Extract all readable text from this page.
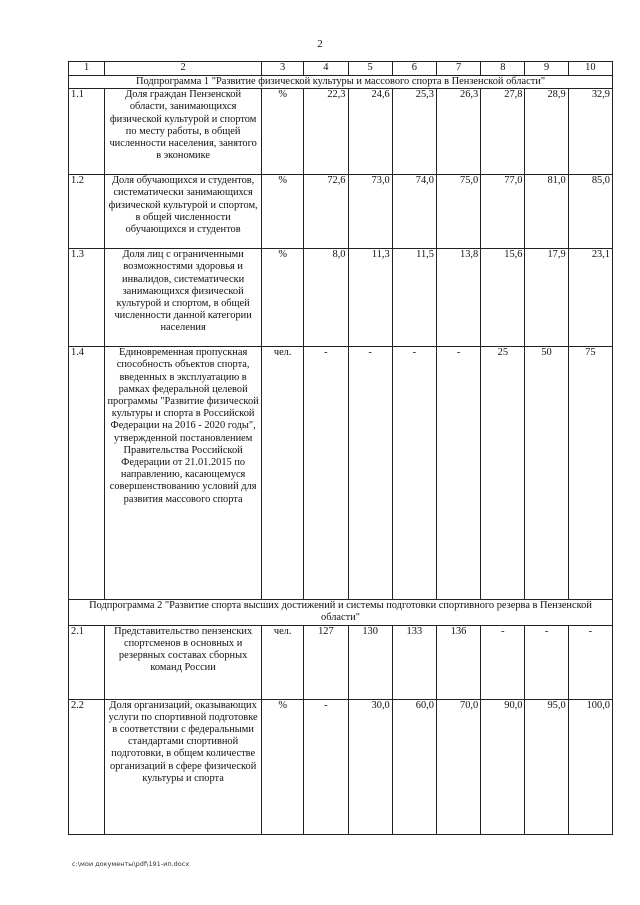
2
1	2	3	4	5	6	7	8	9	10
Подпрограмма 1 "Развитие физической культуры и массового спорта в Пензенской области"									
1.1	Доля граждан Пензенской области, занимающихся физической культурой и спортом по месту работы, в общей численности населения, занятого в экономике	%	22,3	24,6	25,3	26,3	27,8	28,9	32,9
1.2	Доля обучающихся и студентов, систематически занимающихся физической культурой и спортом, в общей численности обучающихся и студентов	%	72,6	73,0	74,0	75,0	77,0	81,0	85,0
1.3	Доля лиц с ограниченными возможностями здоровья и инвалидов, систематически занимающихся физической культурой и спортом, в общей численности данной категории населения	%	8,0	11,3	11,5	13,8	15,6	17,9	23,1
1.4	Единовременная пропускная способность объектов спорта, введенных в эксплуатацию в рамках федеральной целевой программы "Развитие физической культуры и спорта в Российской Федерации на 2016 - 2020 годы", утвержденной постановлением Правительства Российской Федерации от 21.01.2015 по направлению, касающемуся совершенствованию условий для развития массового спорта	чел.	-	-	-	-	25	50	75
Подпрограмма 2 "Развитие спорта высших достижений и системы подготовки спортивного резерва в Пензенской области"									
2.1	Представительство пензенских спортсменов в основных и резервных составах сборных команд России	чел.	127	130	133	136	-	-	-
2.2	Доля организаций, оказывающих услуги по спортивной подготовке в соответствии с федеральными стандартами спортивной подготовки, в общем количестве организаций в сфере физической культуры и спорта	%	-	30,0	60,0	70,0	90,0	95,0	100,0
c:\мои документы\pdf\191-ип.docx
